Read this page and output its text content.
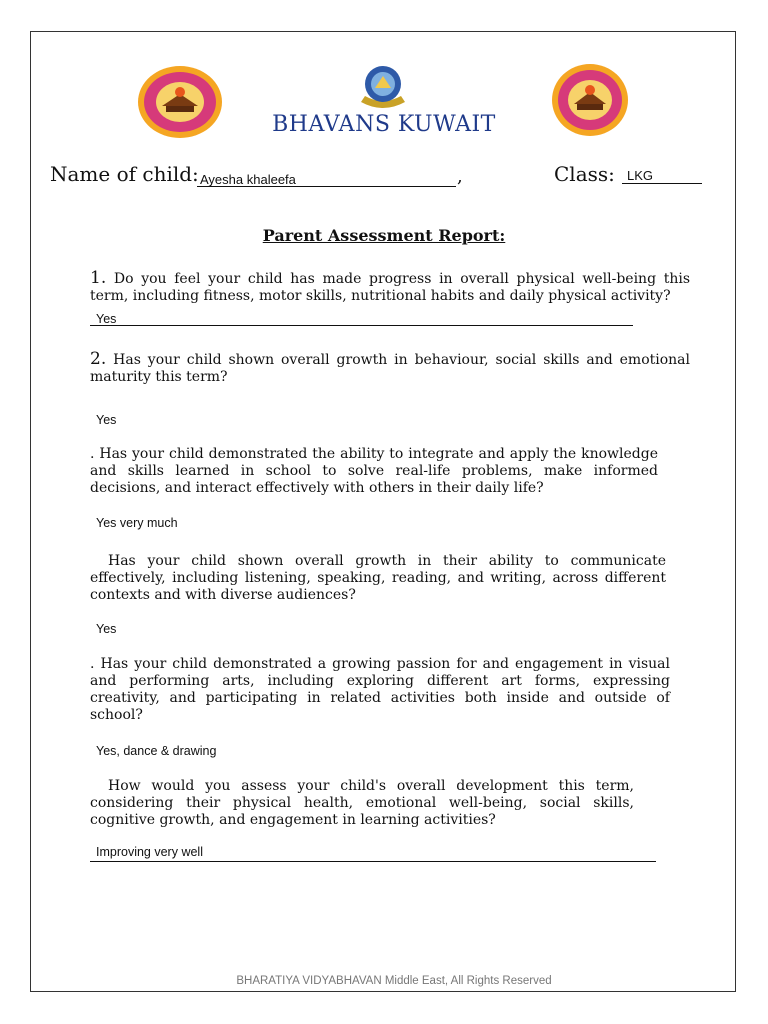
BHAVANS KUWAIT
Name of child: Ayesha khaleefa	,	Class: LKG
Parent Assessment Report:
1. Do you feel your child has made progress in overall physical well-being this term, including fitness, motor skills, nutritional habits and daily physical activity?
Yes
2. Has your child shown overall growth in behaviour, social skills and emotional maturity this term?
Yes
. Has your child demonstrated the ability to integrate and apply the knowledge and skills learned in school to solve real-life problems, make informed decisions, and interact effectively with others in their daily life?
Yes very much
Has your child shown overall growth in their ability to communicate effectively, including listening, speaking, reading, and writing, across different contexts and with diverse audiences?
Yes
. Has your child demonstrated a growing passion for and engagement in visual and performing arts, including exploring different art forms, expressing creativity, and participating in related activities both inside and outside of school?
Yes, dance & drawing
How would you assess your child's overall development this term, considering their physical health, emotional well-being, social skills, cognitive growth, and engagement in learning activities?
Improving very well
BHARATIYA VIDYABHAVAN Middle East, All Rights Reserved
